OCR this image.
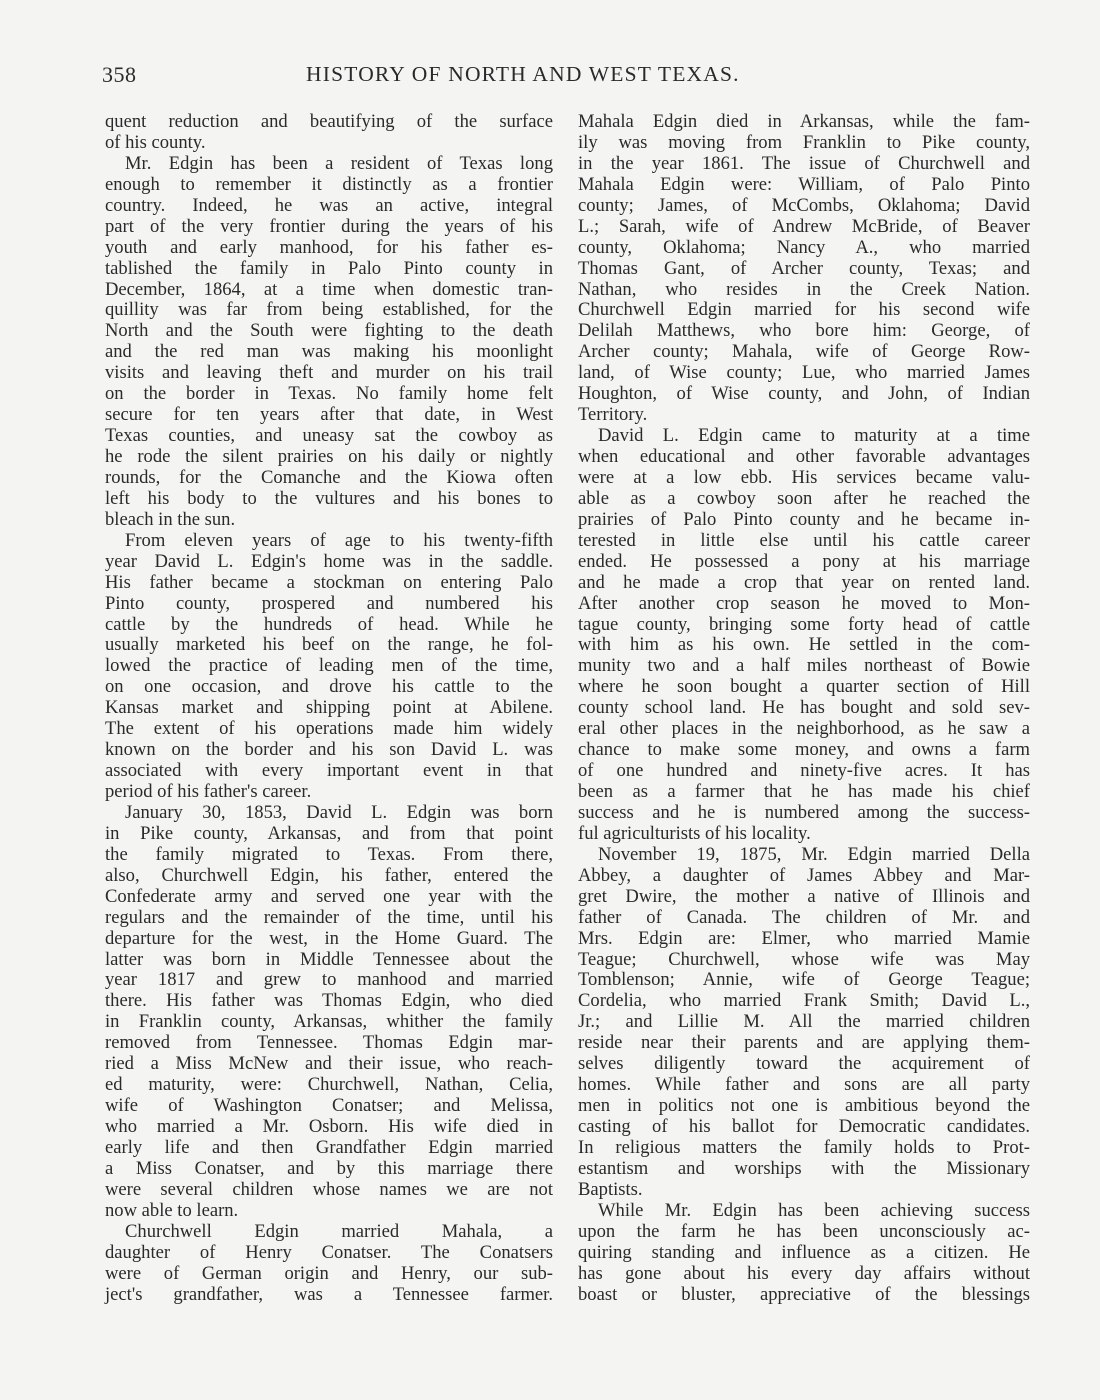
358	HISTORY OF NORTH AND WEST TEXAS.
quent reduction and beautifying of the surface
of his county.
Mr. Edgin has been a resident of Texas long
enough to remember it distinctly as a frontier
country. Indeed, he was an active, integral
part of the very frontier during the years of his
youth and early manhood, for his father es-
tablished the family in Palo Pinto county in
December, 1864, at a time when domestic tran-
quillity was far from being established, for the
North and the South were fighting to the death
and the red man was making his moonlight
visits and leaving theft and murder on his trail
on the border in Texas. No family home felt
secure for ten years after that date, in West
Texas counties, and uneasy sat the cowboy as
he rode the silent prairies on his daily or nightly
rounds, for the Comanche and the Kiowa often
left his body to the vultures and his bones to
bleach in the sun.
From eleven years of age to his twenty-fifth
year David L. Edgin's home was in the saddle.
His father became a stockman on entering Palo
Pinto county, prospered and numbered his
cattle by the hundreds of head. While he
usually marketed his beef on the range, he fol-
lowed the practice of leading men of the time,
on one occasion, and drove his cattle to the
Kansas market and shipping point at Abilene.
The extent of his operations made him widely
known on the border and his son David L. was
associated with every important event in that
period of his father's career.
January 30, 1853, David L. Edgin was born
in Pike county, Arkansas, and from that point
the family migrated to Texas. From there,
also, Churchwell Edgin, his father, entered the
Confederate army and served one year with the
regulars and the remainder of the time, until his
departure for the west, in the Home Guard. The
latter was born in Middle Tennessee about the
year 1817 and grew to manhood and married
there. His father was Thomas Edgin, who died
in Franklin county, Arkansas, whither the family
removed from Tennessee. Thomas Edgin mar-
ried a Miss McNew and their issue, who reach-
ed maturity, were: Churchwell, Nathan, Celia,
wife of Washington Conatser; and Melissa,
who married a Mr. Osborn. His wife died in
early life and then Grandfather Edgin married
a Miss Conatser, and by this marriage there
were several children whose names we are not
now able to learn.
Churchwell Edgin married Mahala, a
daughter of Henry Conatser. The Conatsers
were of German origin and Henry, our sub-
ject's grandfather, was a Tennessee farmer.
Mahala Edgin died in Arkansas, while the fam-
ily was moving from Franklin to Pike county,
in the year 1861. The issue of Churchwell and
Mahala Edgin were: William, of Palo Pinto
county; James, of McCombs, Oklahoma; David
L.; Sarah, wife of Andrew McBride, of Beaver
county, Oklahoma; Nancy A., who married
Thomas Gant, of Archer county, Texas; and
Nathan, who resides in the Creek Nation.
Churchwell Edgin married for his second wife
Delilah Matthews, who bore him: George, of
Archer county; Mahala, wife of George Row-
land, of Wise county; Lue, who married James
Houghton, of Wise county, and John, of Indian
Territory.
David L. Edgin came to maturity at a time
when educational and other favorable advantages
were at a low ebb. His services became valu-
able as a cowboy soon after he reached the
prairies of Palo Pinto county and he became in-
terested in little else until his cattle career
ended. He possessed a pony at his marriage
and he made a crop that year on rented land.
After another crop season he moved to Mon-
tague county, bringing some forty head of cattle
with him as his own. He settled in the com-
munity two and a half miles northeast of Bowie
where he soon bought a quarter section of Hill
county school land. He has bought and sold sev-
eral other places in the neighborhood, as he saw a
chance to make some money, and owns a farm
of one hundred and ninety-five acres. It has
been as a farmer that he has made his chief
success and he is numbered among the success-
ful agriculturists of his locality.
November 19, 1875, Mr. Edgin married Della
Abbey, a daughter of James Abbey and Mar-
gret Dwire, the mother a native of Illinois and
father of Canada. The children of Mr. and
Mrs. Edgin are: Elmer, who married Mamie
Teague; Churchwell, whose wife was May
Tomblenson; Annie, wife of George Teague;
Cordelia, who married Frank Smith; David L.,
Jr.; and Lillie M. All the married children
reside near their parents and are applying them-
selves diligently toward the acquirement of
homes. While father and sons are all party
men in politics not one is ambitious beyond the
casting of his ballot for Democratic candidates.
In religious matters the family holds to Prot-
estantism and worships with the Missionary
Baptists.
While Mr. Edgin has been achieving success
upon the farm he has been unconsciously ac-
quiring standing and influence as a citizen. He
has gone about his every day affairs without
boast or bluster, appreciative of the blessings
